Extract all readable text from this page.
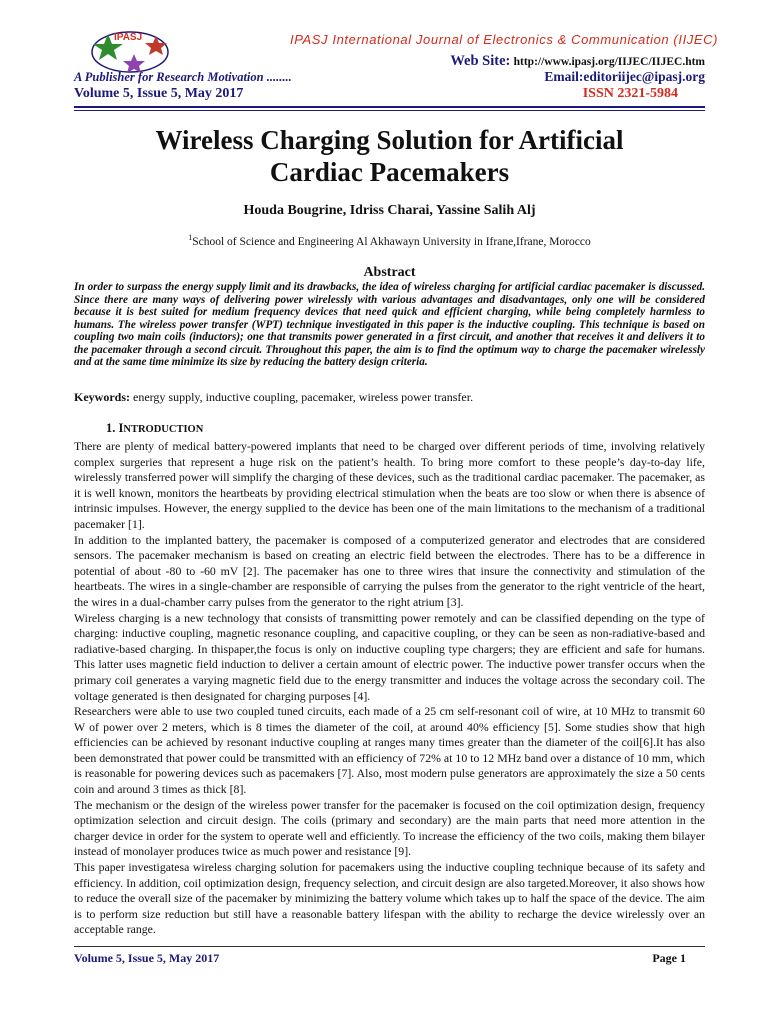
IPASJ	IPASJ International Journal of Electronics & Communication (IIJEC)
Web Site: http://www.ipasj.org/IIJEC/IIJEC.htm
A Publisher for Research Motivation ........	Email:editoriijec@ipasj.org
Volume 5, Issue 5, May 2017	ISSN 2321-5984
Wireless Charging Solution for Artificial
Cardiac Pacemakers
Houda Bougrine, Idriss Charai, Yassine Salih Alj
$^1$School of Science and Engineering Al Akhawayn University in Ifrane,Ifrane, Morocco
Abstract
In order to surpass the energy supply limit and its drawbacks, the idea of wireless charging for artificial cardiac pacemaker is discussed. Since there are many ways of delivering power wirelessly with various advantages and disadvantages, only one will be considered because it is best suited for medium frequency devices that need quick and efficient charging, while being completely harmless to humans. The wireless power transfer (WPT) technique investigated in this paper is the inductive coupling. This technique is based on coupling two main coils (inductors); one that transmits power generated in a first circuit, and another that receives it and delivers it to the pacemaker through a second circuit. Throughout this paper, the aim is to find the optimum way to charge the pacemaker wirelessly and at the same time minimize its size by reducing the battery design criteria.
Keywords: energy supply, inductive coupling, pacemaker, wireless power transfer.
1. INTRODUCTION

There are plenty of medical battery-powered implants that need to be charged over different periods of time, involving relatively complex surgeries that represent a huge risk on the patient’s health. To bring more comfort to these people’s day-to-day life, wirelessly transferred power will simplify the charging of these devices, such as the traditional cardiac pacemaker. The pacemaker, as it is well known, monitors the heartbeats by providing electrical stimulation when the beats are too slow or when there is absence of intrinsic impulses. However, the energy supplied to the device has been one of the main limitations to the mechanism of a traditional pacemaker [1].

In addition to the implanted battery, the pacemaker is composed of a computerized generator and electrodes that are considered sensors. The pacemaker mechanism is based on creating an electric field between the electrodes. There has to be a difference in potential of about -80 to -60 mV [2]. The pacemaker has one to three wires that insure the connectivity and stimulation of the heartbeats. The wires in a single-chamber are responsible of carrying the pulses from the generator to the right ventricle of the heart, the wires in a dual-chamber carry pulses from the generator to the right atrium [3].

Wireless charging is a new technology that consists of transmitting power remotely and can be classified depending on the type of charging: inductive coupling, magnetic resonance coupling, and capacitive coupling, or they can be seen as non-radiative-based and radiative-based charging. In thispaper,the focus is only on inductive coupling type chargers; they are efficient and safe for humans. This latter uses magnetic field induction to deliver a certain amount of electric power. The inductive power transfer occurs when the primary coil generates a varying magnetic field due to the energy transmitter and induces the voltage across the secondary coil. The voltage generated is then designated for charging purposes [4].

Researchers were able to use two coupled tuned circuits, each made of a 25 cm self-resonant coil of wire, at 10 MHz to transmit 60 W of power over 2 meters, which is 8 times the diameter of the coil, at around 40% efficiency [5]. Some studies show that high efficiencies can be achieved by resonant inductive coupling at ranges many times greater than the diameter of the coil[6].It has also been demonstrated that power could be transmitted with an efficiency of 72% at 10 to 12 MHz band over a distance of 10 mm, which is reasonable for powering devices such as pacemakers [7]. Also, most modern pulse generators are approximately the size a 50 cents coin and around 3 times as thick [8].

The mechanism or the design of the wireless power transfer for the pacemaker is focused on the coil optimization design, frequency optimization selection and circuit design. The coils (primary and secondary) are the main parts that need more attention in the charger device in order for the system to operate well and efficiently. To increase the efficiency of the two coils, making them bilayer instead of monolayer produces twice as much power and resistance [9].

This paper investigatesa wireless charging solution for pacemakers using the inductive coupling technique because of its safety and efficiency. In addition, coil optimization design, frequency selection, and circuit design are also targeted.Moreover, it also shows how to reduce the overall size of the pacemaker by minimizing the battery volume which takes up to half the space of the device. The aim is to perform size reduction but still have a reasonable battery lifespan with the ability to recharge the device wirelessly over an acceptable range.

Volume 5, Issue 5, May 2017	Page 1
